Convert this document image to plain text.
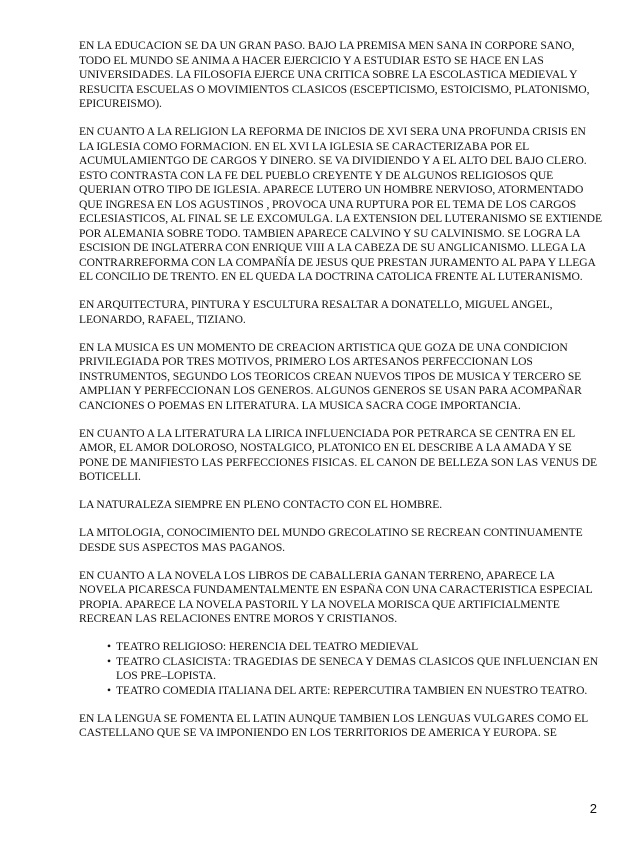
EN LA EDUCACION SE DA UN GRAN PASO. BAJO LA PREMISA MEN SANA IN CORPORE SANO, TODO EL MUNDO SE ANIMA A HACER EJERCICIO Y A ESTUDIAR ESTO SE HACE EN LAS UNIVERSIDADES. LA FILOSOFIA EJERCE UNA CRITICA SOBRE LA ESCOLASTICA MEDIEVAL Y RESUCITA ESCUELAS O MOVIMIENTOS CLASICOS (ESCEPTICISMO, ESTOICISMO, PLATONISMO, EPICUREISMO).

EN CUANTO A LA RELIGION LA REFORMA DE INICIOS DE XVI SERA UNA PROFUNDA CRISIS EN LA IGLESIA COMO FORMACION. EN EL XVI LA IGLESIA SE CARACTERIZABA POR EL ACUMULAMIENTGO DE CARGOS Y DINERO. SE VA DIVIDIENDO Y A EL ALTO DEL BAJO CLERO. ESTO CONTRASTA CON LA FE DEL PUEBLO CREYENTE Y DE ALGUNOS RELIGIOSOS QUE QUERIAN OTRO TIPO DE IGLESIA. APARECE LUTERO UN HOMBRE NERVIOSO, ATORMENTADO QUE INGRESA EN LOS AGUSTINOS , PROVOCA UNA RUPTURA POR EL TEMA DE LOS CARGOS ECLESIASTICOS, AL FINAL SE LE EXCOMULGA. LA EXTENSION DEL LUTERANISMO SE EXTIENDE POR ALEMANIA SOBRE TODO. TAMBIEN APARECE CALVINO Y SU CALVINISMO. SE LOGRA LA ESCISION DE INGLATERRA CON ENRIQUE VIII A LA CABEZA DE SU ANGLICANISMO. LLEGA LA CONTRARREFORMA CON LA COMPAÑÍA DE JESUS QUE PRESTAN JURAMENTO AL PAPA Y LLEGA EL CONCILIO DE TRENTO. EN EL QUEDA LA DOCTRINA CATOLICA FRENTE AL LUTERANISMO.

EN ARQUITECTURA, PINTURA Y ESCULTURA RESALTAR A DONATELLO, MIGUEL ANGEL, LEONARDO, RAFAEL, TIZIANO.

EN LA MUSICA ES UN MOMENTO DE CREACION ARTISTICA QUE GOZA DE UNA CONDICION PRIVILEGIADA POR TRES MOTIVOS, PRIMERO LOS ARTESANOS PERFECCIONAN LOS INSTRUMENTOS, SEGUNDO LOS TEORICOS CREAN NUEVOS TIPOS DE MUSICA Y TERCERO SE AMPLIAN Y PERFECCIONAN LOS GENEROS. ALGUNOS GENEROS SE USAN PARA ACOMPAÑAR CANCIONES O POEMAS EN LITERATURA. LA MUSICA SACRA COGE IMPORTANCIA.

EN CUANTO A LA LITERATURA LA LIRICA INFLUENCIADA POR PETRARCA SE CENTRA EN EL AMOR, EL AMOR DOLOROSO, NOSTALGICO, PLATONICO EN EL DESCRIBE A LA AMADA Y SE PONE DE MANIFIESTO LAS PERFECCIONES FISICAS. EL CANON DE BELLEZA SON LAS VENUS DE BOTICELLI.

LA NATURALEZA SIEMPRE EN PLENO CONTACTO CON EL HOMBRE.

LA MITOLOGIA, CONOCIMIENTO DEL MUNDO GRECOLATINO SE RECREAN CONTINUAMENTE DESDE SUS ASPECTOS MAS PAGANOS.

EN CUANTO A LA NOVELA LOS LIBROS DE CABALLERIA GANAN TERRENO, APARECE LA NOVELA PICARESCA FUNDAMENTALMENTE EN ESPAÑA CON UNA CARACTERISTICA ESPECIAL PROPIA. APARECE LA NOVELA PASTORIL Y LA NOVELA MORISCA QUE ARTIFICIALMENTE RECREAN LAS RELACIONES ENTRE MOROS Y CRISTIANOS.

• TEATRO RELIGIOSO: HERENCIA DEL TEATRO MEDIEVAL
• TEATRO CLASICISTA: TRAGEDIAS DE SENECA Y DEMAS CLASICOS QUE INFLUENCIAN EN LOS PRE–LOPISTA.
• TEATRO COMEDIA ITALIANA DEL ARTE: REPERCUTIRA TAMBIEN EN NUESTRO TEATRO.

EN LA LENGUA SE FOMENTA EL LATIN AUNQUE TAMBIEN LOS LENGUAS VULGARES COMO EL CASTELLANO QUE SE VA IMPONIENDO EN LOS TERRITORIOS DE AMERICA Y EUROPA. SE

2
